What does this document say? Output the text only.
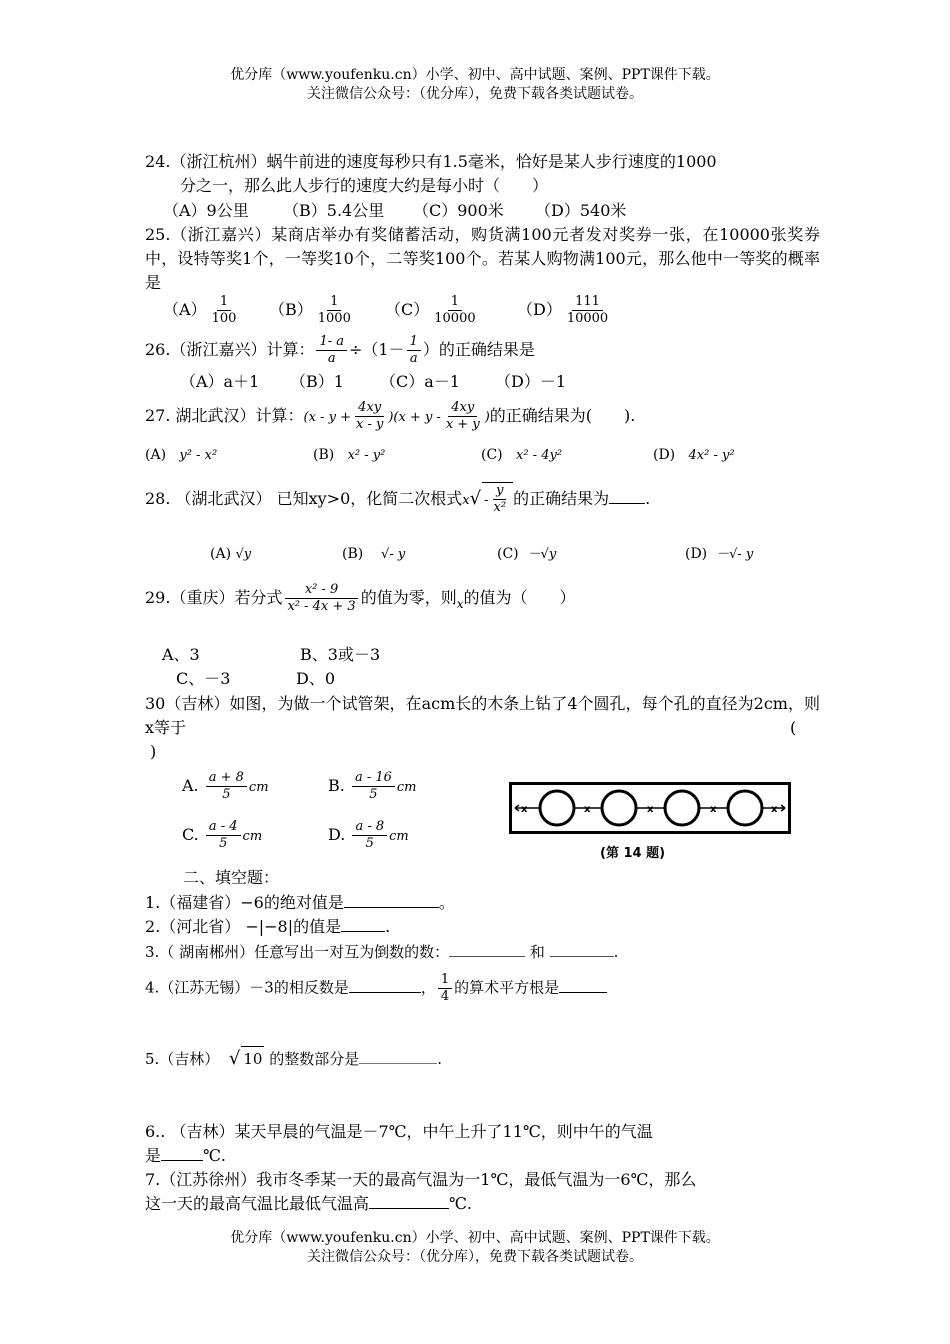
优分库（www.youfenku.cn）小学、初中、高中试题、案例、PPT课件下载。
关注微信公众号：（优分库），免费下载各类试题试卷。
24.（浙江杭州）蜗牛前进的速度每秒只有1.5毫米，恰好是某人步行速度的1000
分之一，那么此人步行的速度大约是每小时（　　）
（A）9公里 （B）5.4公里 （C）900米 （D）540米
25.（浙江嘉兴）某商店举办有奖储蓄活动，购货满100元者发对奖券一张，在10000张奖券中，设特等奖1个，一等奖10个，二等奖100个。若某人购物满100元，那么他中一等奖的概率是
$(A) \frac{1}{100} (B) \frac{1}{1000} (C) \frac{1}{10000} (D) \frac{111}{10000}$
26.（浙江嘉兴）计算： $\frac{1- a}{a} \div(1- \frac{1}{a}$ ）的正确结果是
（A）a＋1 （B）1 （C）a－1 （D）－1
27. 湖北武汉）计算：$(x - y + \frac{4xy}{x - y} )(x + y - \frac{4xy}{x + y}$ )的正确结果为(　　).
(A) y² - x²	(B) x² - y²	(C) x² - 4y²	(D) 4x² - y²
28. （湖北武汉） 已知xy>0，化简二次根式$x√ - \frac{y}{\text{x²}}$ 的正确结果为 .
(A) √y	(B) √- y	(C) －√y	(D) －√- y
29.（重庆）若分式 $\frac{\text{x² - 9}}{\text{x² - 4x + 3}}$ 的值为零，则$_x$的值为（　　）
A、3	B、3或－3
C、－3	D、0
30（吉林）如图，为做一个试管架，在acm长的木条上钻了4个圆孔，每个孔的直径为2cm，则x等于	(
)
A. $\frac{a + 8}{5}$ cm	B. $\frac{a - 16}{5}$ cm
C. $\frac{a - 4}{5}$ cm	D. $\frac{a - 8}{5}$ cm
x	x	x	x	x
(第 14 题)
二、填空题：
1.（福建省）−6的绝对值是	。
2.（河北省） −|−8|的值是	.
3.（ 湖南郴州）任意写出一对互为倒数的数：	和	.
4.（江苏无锡）－3的相反数是	， $\frac{1}{4}$ 的算术平方根是
5.（吉林） √ 10 的整数部分是	.
6.. （吉林）某天早晨的气温是－7℃，中午上升了11℃，则中午的气温
是	℃.
7.（江苏徐州）我市冬季某一天的最高气温为一1℃，最低气温为一6℃，那么
这一天的最高气温比最低气温高	℃.
优分库（www.youfenku.cn）小学、初中、高中试题、案例、PPT课件下载。
关注微信公众号：（优分库），免费下载各类试题试卷。
